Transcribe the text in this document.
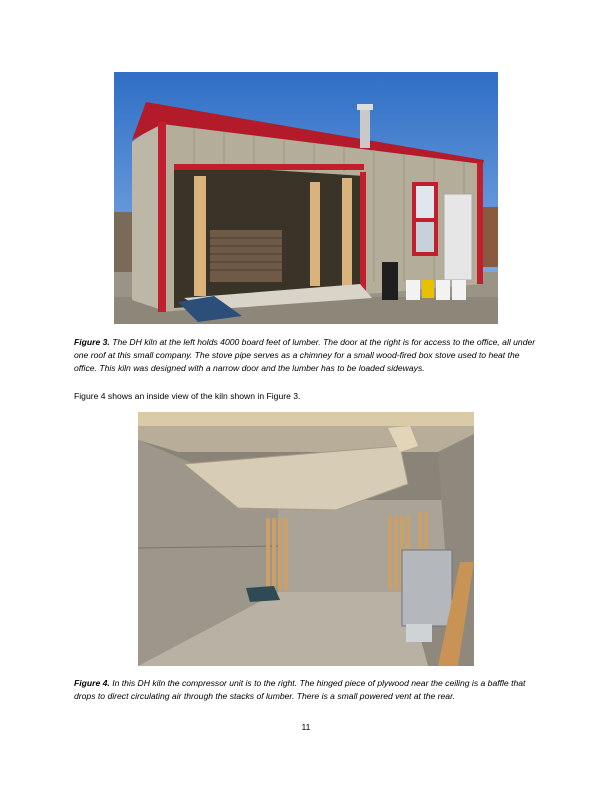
Figure 3. The DH kiln at the left holds 4000 board feet of lumber. The door at the right is for access to the office, all under one roof at this small company. The stove pipe serves as a chimney for a small wood-fired box stove used to heat the office. This kiln was designed with a narrow door and the lumber has to be loaded sideways.
Figure 4 shows an inside view of the kiln shown in Figure 3.
Figure 4. In this DH kiln the compressor unit is to the right. The hinged piece of plywood near the ceiling is a baffle that drops to direct circulating air through the stacks of lumber. There is a small powered vent at the rear.
11
